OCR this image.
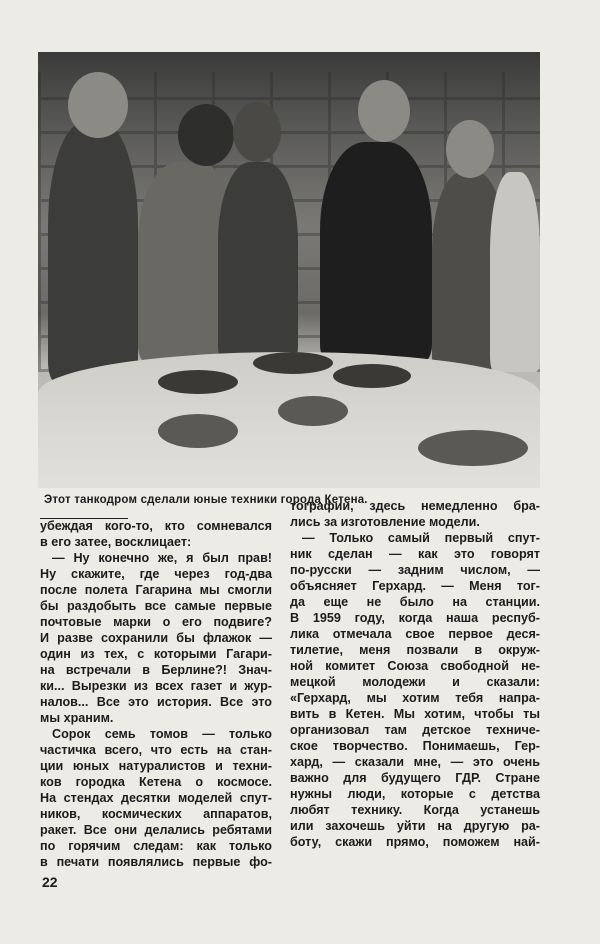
Этот танкодром сделали юные техники города Кетена.
убеждая кого-то, кто сомневался
в его затее, восклицает:
— Ну конечно же, я был прав!
Ну скажите, где через год-два
после полета Гагарина мы смогли
бы раздобыть все самые первые
почтовые марки о его подвиге?
И разве сохранили бы флажок —
один из тех, с которыми Гагари-
на встречали в Берлине?! Знач-
ки... Вырезки из всех газет и жур-
налов... Все это история. Все это
мы храним.
Сорок семь томов — только
частичка всего, что есть на стан-
ции юных натуралистов и техни-
ков городка Кетена о космосе.
На стендах десятки моделей спут-
ников, космических аппаратов,
ракет. Все они делались ребятами
по горячим следам: как только
в печати появлялись первые фо-
тографии, здесь немедленно бра-
лись за изготовление модели.
— Только самый первый спут-
ник сделан — как это говорят
по-русски — задним числом, —
объясняет Герхард. — Меня тог-
да еще не было на станции.
В 1959 году, когда наша респуб-
лика отмечала свое первое деся-
тилетие, меня позвали в окруж-
ной комитет Союза свободной не-
мецкой молодежи и сказали:
«Герхард, мы хотим тебя напра-
вить в Кетен. Мы хотим, чтобы ты
организовал там детское техниче-
ское творчество. Понимаешь, Гер-
хард, — сказали мне, — это очень
важно для будущего ГДР. Стране
нужны люди, которые с детства
любят технику. Когда устанешь
или захочешь уйти на другую ра-
боту, скажи прямо, поможем най-
22
